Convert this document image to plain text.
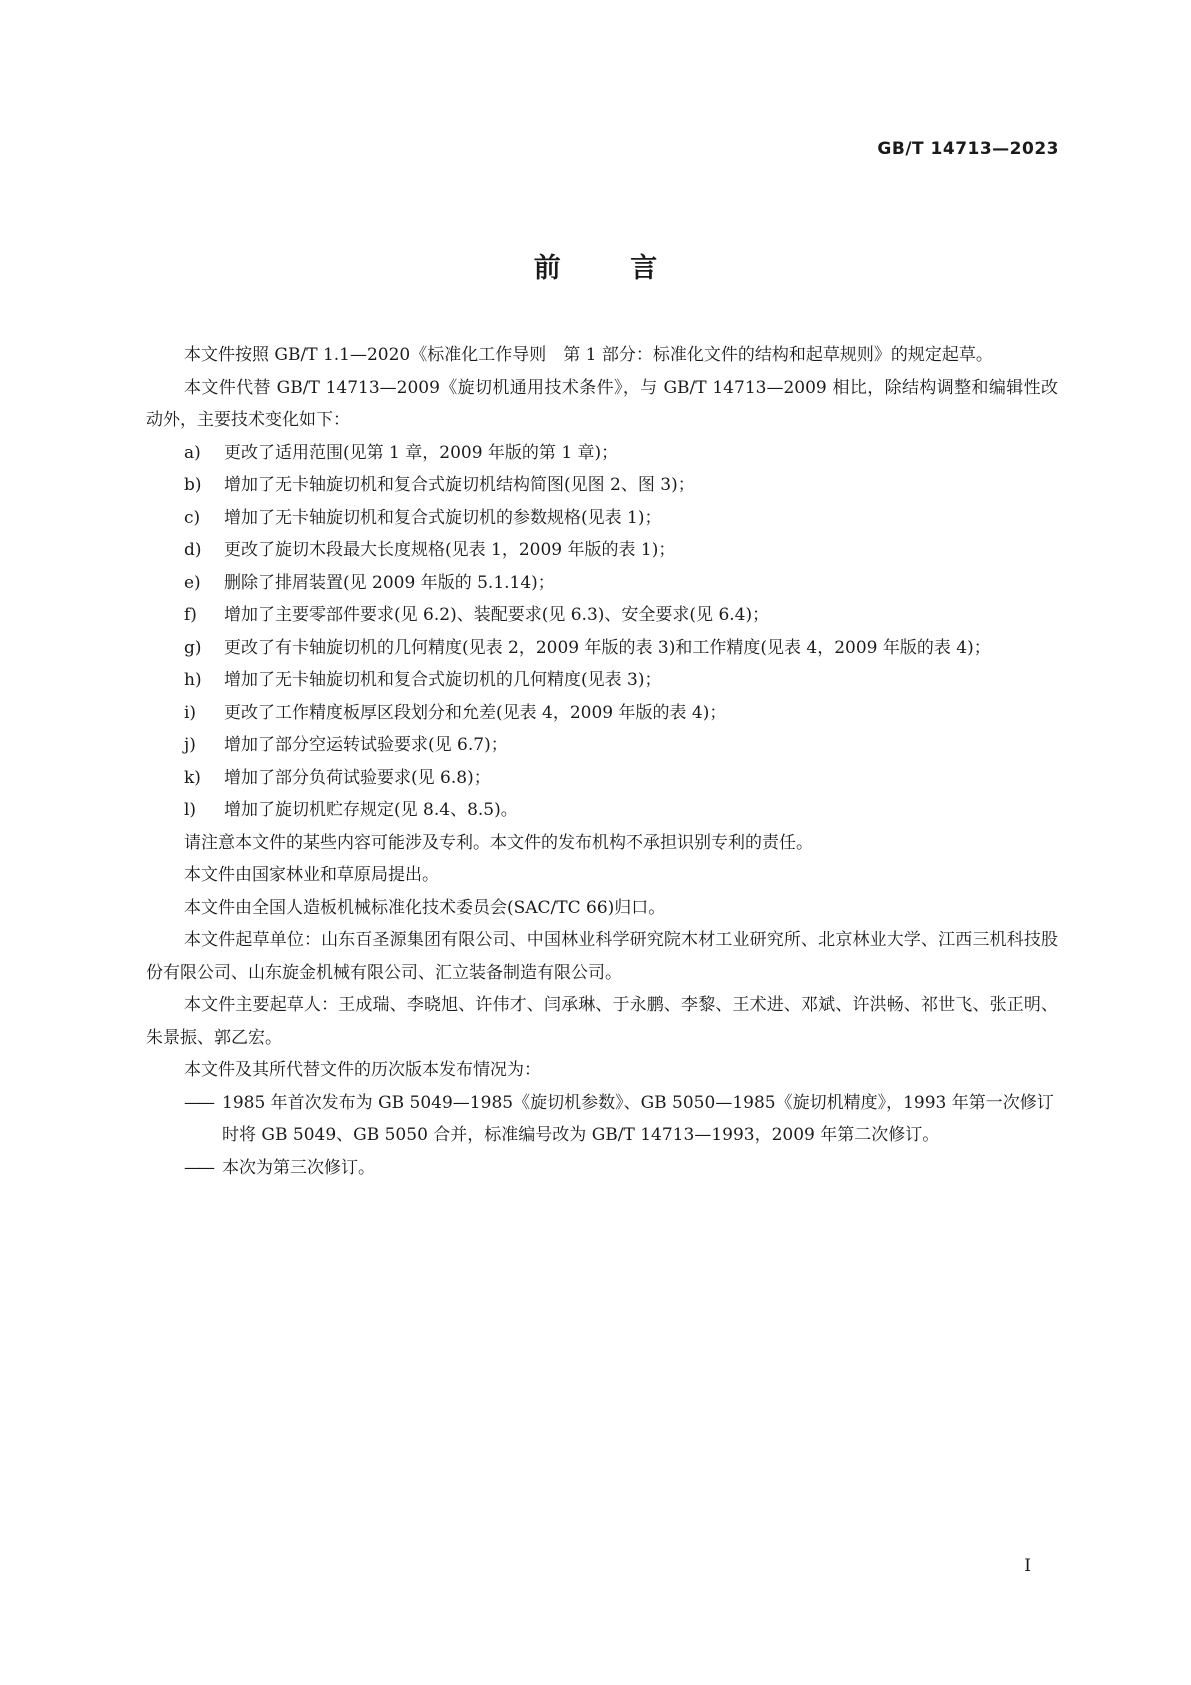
GB/T 14713—2023
前 言

本文件按照 GB/T 1.1—2020《标准化工作导则　第 1 部分：标准化文件的结构和起草规则》的规定起草。

本文件代替 GB/T 14713—2009《旋切机通用技术条件》，与 GB/T 14713—2009 相比，除结构调整和编辑性改动外，主要技术变化如下：

a) 更改了适用范围(见第 1 章，2009 年版的第 1 章)；

b) 增加了无卡轴旋切机和复合式旋切机结构简图(见图 2、图 3)；

c) 增加了无卡轴旋切机和复合式旋切机的参数规格(见表 1)；

d) 更改了旋切木段最大长度规格(见表 1，2009 年版的表 1)；

e) 删除了排屑装置(见 2009 年版的 5.1.14)；

f) 增加了主要零部件要求(见 6.2)、装配要求(见 6.3)、安全要求(见 6.4)；

g) 更改了有卡轴旋切机的几何精度(见表 2，2009 年版的表 3)和工作精度(见表 4，2009 年版的表 4)；

h) 增加了无卡轴旋切机和复合式旋切机的几何精度(见表 3)；

i) 更改了工作精度板厚区段划分和允差(见表 4，2009 年版的表 4)；

j) 增加了部分空运转试验要求(见 6.7)；

k) 增加了部分负荷试验要求(见 6.8)；

l) 增加了旋切机贮存规定(见 8.4、8.5)。

请注意本文件的某些内容可能涉及专利。本文件的发布机构不承担识别专利的责任。

本文件由国家林业和草原局提出。

本文件由全国人造板机械标准化技术委员会(SAC/TC 66)归口。

本文件起草单位：山东百圣源集团有限公司、中国林业科学研究院木材工业研究所、北京林业大学、江西三机科技股份有限公司、山东旋金机械有限公司、汇立装备制造有限公司。

本文件主要起草人：王成瑞、李晓旭、许伟才、闫承琳、于永鹏、李黎、王术进、邓斌、许洪畅、祁世飞、张正明、朱景振、郭乙宏。

本文件及其所代替文件的历次版本发布情况为：

—— 1985 年首次发布为 GB 5049—1985《旋切机参数》、GB 5050—1985《旋切机精度》，1993 年第一次修订时将 GB 5049、GB 5050 合并，标准编号改为 GB/T 14713—1993，2009 年第二次修订。

—— 本次为第三次修订。

I
